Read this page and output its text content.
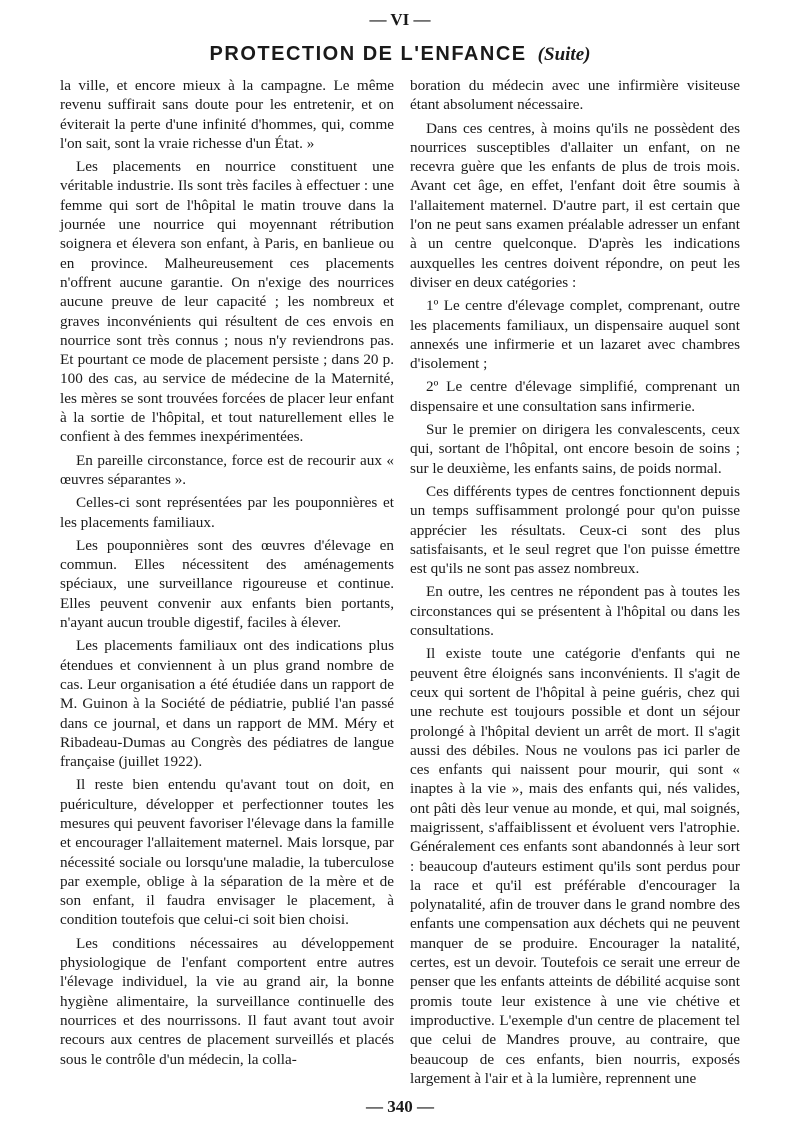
— VI —
PROTECTION DE L'ENFANCE (Suite)

la ville, et encore mieux à la campagne. Le même revenu suffirait sans doute pour les entretenir, et on éviterait la perte d'une infinité d'hommes, qui, comme l'on sait, sont la vraie richesse d'un État. »

Les placements en nourrice constituent une véritable industrie. Ils sont très faciles à effectuer : une femme qui sort de l'hôpital le matin trouve dans la journée une nourrice qui moyennant rétribution soignera et élevera son enfant, à Paris, en banlieue ou en province. Malheureusement ces placements n'offrent aucune garantie. On n'exige des nourrices aucune preuve de leur capacité ; les nombreux et graves inconvénients qui résultent de ces envois en nourrice sont très connus ; nous n'y reviendrons pas. Et pourtant ce mode de placement persiste ; dans 20 p. 100 des cas, au service de médecine de la Maternité, les mères se sont trouvées forcées de placer leur enfant à la sortie de l'hôpital, et tout naturellement elles le confient à des femmes inexpérimentées.

En pareille circonstance, force est de recourir aux « œuvres séparantes ».

Celles-ci sont représentées par les pouponnières et les placements familiaux.

Les pouponnières sont des œuvres d'élevage en commun. Elles nécessitent des aménagements spéciaux, une surveillance rigoureuse et continue. Elles peuvent convenir aux enfants bien portants, n'ayant aucun trouble digestif, faciles à élever.

Les placements familiaux ont des indications plus étendues et conviennent à un plus grand nombre de cas. Leur organisation a été étudiée dans un rapport de M. Guinon à la Société de pédiatrie, publié l'an passé dans ce journal, et dans un rapport de MM. Méry et Ribadeau-Dumas au Congrès des pédiatres de langue française (juillet 1922).

Il reste bien entendu qu'avant tout on doit, en puériculture, développer et perfectionner toutes les mesures qui peuvent favoriser l'élevage dans la famille et encourager l'allaitement maternel. Mais lorsque, par nécessité sociale ou lorsqu'une maladie, la tuberculose par exemple, oblige à la séparation de la mère et de son enfant, il faudra envisager le placement, à condition toutefois que celui-ci soit bien choisi.

Les conditions nécessaires au développement physiologique de l'enfant comportent entre autres l'élevage individuel, la vie au grand air, la bonne hygiène alimentaire, la surveillance continuelle des nourrices et des nourrissons. Il faut avant tout avoir recours aux centres de placement surveillés et placés sous le contrôle d'un médecin, la colla-

boration du médecin avec une infirmière visiteuse étant absolument nécessaire.

Dans ces centres, à moins qu'ils ne possèdent des nourrices susceptibles d'allaiter un enfant, on ne recevra guère que les enfants de plus de trois mois. Avant cet âge, en effet, l'enfant doit être soumis à l'allaitement maternel. D'autre part, il est certain que l'on ne peut sans examen préalable adresser un enfant à un centre quelconque. D'après les indications auxquelles les centres doivent répondre, on peut les diviser en deux catégories :

1º Le centre d'élevage complet, comprenant, outre les placements familiaux, un dispensaire auquel sont annexés une infirmerie et un lazaret avec chambres d'isolement ;

2º Le centre d'élevage simplifié, comprenant un dispensaire et une consultation sans infirmerie.

Sur le premier on dirigera les convalescents, ceux qui, sortant de l'hôpital, ont encore besoin de soins ; sur le deuxième, les enfants sains, de poids normal.

Ces différents types de centres fonctionnent depuis un temps suffisamment prolongé pour qu'on puisse apprécier les résultats. Ceux-ci sont des plus satisfaisants, et le seul regret que l'on puisse émettre est qu'ils ne sont pas assez nombreux.

En outre, les centres ne répondent pas à toutes les circonstances qui se présentent à l'hôpital ou dans les consultations.

Il existe toute une catégorie d'enfants qui ne peuvent être éloignés sans inconvénients. Il s'agit de ceux qui sortent de l'hôpital à peine guéris, chez qui une rechute est toujours possible et dont un séjour prolongé à l'hôpital devient un arrêt de mort. Il s'agit aussi des débiles. Nous ne voulons pas ici parler de ces enfants qui naissent pour mourir, qui sont « inaptes à la vie », mais des enfants qui, nés valides, ont pâti dès leur venue au monde, et qui, mal soignés, maigrissent, s'affaiblissent et évoluent vers l'atrophie. Généralement ces enfants sont abandonnés à leur sort : beaucoup d'auteurs estiment qu'ils sont perdus pour la race et qu'il est préférable d'encourager la polynatalité, afin de trouver dans le grand nombre des enfants une compensation aux déchets qui ne peuvent manquer de se produire. Encourager la natalité, certes, est un devoir. Toutefois ce serait une erreur de penser que les enfants atteints de débilité acquise sont promis toute leur existence à une vie chétive et improductive. L'exemple d'un centre de placement tel que celui de Mandres prouve, au contraire, que beaucoup de ces enfants, bien nourris, exposés largement à l'air et à la lumière, reprennent une

— 340 —
